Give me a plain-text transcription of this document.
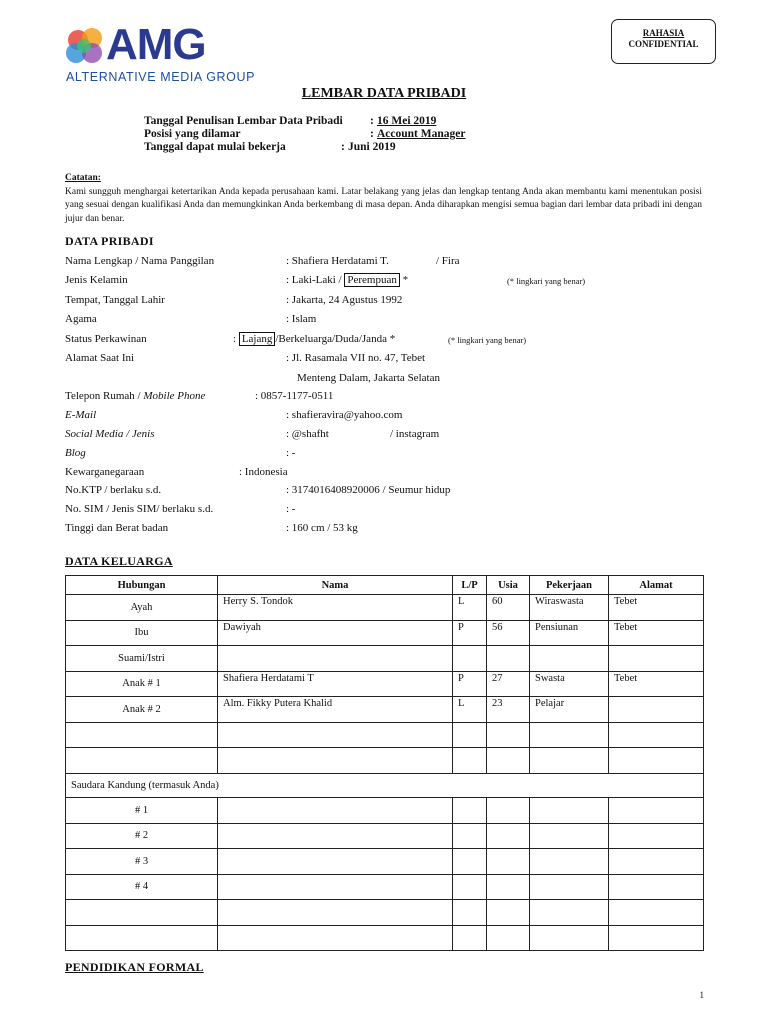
AMG
ALTERNATIVE MEDIA GROUP
RAHASIA
CONFIDENTIAL
LEMBAR DATA PRIBADI
Tanggal Penulisan Lembar Data Pribadi : 16 Mei 2019
Posisi yang dilamar	: Account Manager
Tanggal dapat mulai bekerja	: Juni 2019
Catatan:
Kami sungguh menghargai ketertarikan Anda kepada perusahaan kami. Latar belakang yang jelas dan lengkap tentang Anda akan membantu kami menentukan posisi yang sesuai dengan kualifikasi Anda dan memungkinkan Anda berkembang di masa depan. Anda diharapkan mengisi semua bagian dari lembar data pribadi ini dengan jujur dan benar.
DATA PRIBADI
Nama Lengkap / Nama Panggilan	: Shafiera Herdatami T.	/ Fira
Jenis Kelamin	: Laki-Laki / Perempuan *	(* lingkari yang benar)
Tempat, Tanggal Lahir	: Jakarta, 24 Agustus 1992
Agama	: Islam
Status Perkawinan	: Lajang /Berkeluarga/Duda/Janda *	(* lingkari yang benar)
Alamat Saat Ini	: Jl. Rasamala VII no. 47, Tebet
Menteng Dalam, Jakarta Selatan
Telepon Rumah / Mobile Phone	: 0857-1177-0511
E-Mail	: shafieravira@yahoo.com
Social Media / Jenis	: @shafht	/ instagram
Blog	: -
Kewarganegaraan	: Indonesia
No.KTP / berlaku s.d.	: 3174016408920006 / Seumur hidup
No. SIM / Jenis SIM/ berlaku s.d.	: -
Tinggi dan Berat badan	: 160 cm / 53 kg
DATA KELUARGA
Hubungan	Nama	L/P	Usia	Pekerjaan	Alamat
Ayah	Herry S. Tondok	L	60	Wiraswasta	Tebet
Ibu	Dawiyah	P	56	Pensiunan	Tebet
Suami/Istri					
Anak # 1	Shafiera Herdatami T	P	27	Swasta	Tebet
Anak # 2	Alm. Fikky Putera Khalid	L	23	Pelajar	

Saudara Kandung (termasuk Anda)					
# 1					
# 2					
# 3					
# 4					

PENDIDIKAN FORMAL
1
